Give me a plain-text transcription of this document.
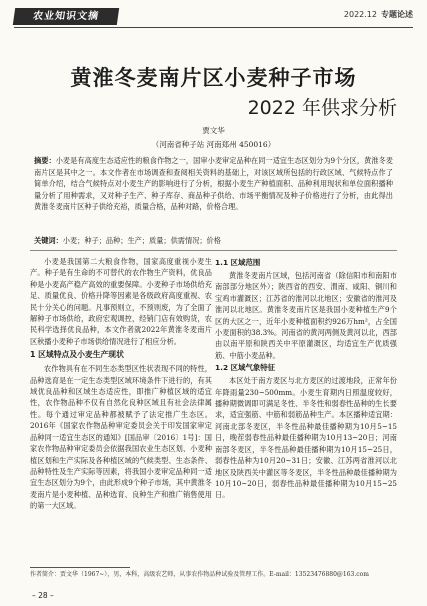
农业知识文摘	2022.12 专题论述
黄淮冬麦南片区小麦种子市场
2022 年供求分析
贾文华
（河南省种子站 河南郑州 450016）
摘要：小麦是有高度生态适应性的粮食作物之一，国审小麦审定品种在同一适宜生态区划分为9个分区，黄淮冬麦南片区是其中之一。本文作者在市场调查和查阅相关资料的基础上，对该区域所包括的行政区域、气候特点作了简单介绍，结合气候特点对小麦生产的影响进行了分析，根据小麦生产种植面积、品种利用现状和单位面积播种量分析了用种需求，又对种子生产、种子库存、商品种子供给、市场平衡情况及种子价格进行了分析，由此得出黄淮冬麦南片区种子供给充裕，质量合格，品种对路，价格合理。
关键词：小麦；种子；品种；生产；质量；供需情况；价格

小麦是我国第二大粮食作物，国家高度重视小麦生产。种子是有生命的不可替代的农作物生产资料，优良品种是小麦高产稳产高效的重要保障。小麦种子市场供给充足、质量优良、价格升降等因素是各级政府高度重视、农民十分关心的问题。凡事预则立，不预则废，为了全面了解种子市场供给，政府宏观调控，经销门店有效购货，农民科学选择优良品种，本文作者就2022年黄淮冬麦南片区秋播小麦种子市场供给情况进行了相应分析。

1 区域特点及小麦生产现状

农作物具有在不同生态类型区性状表现不同的特性，品种选育是在一定生态类型区域环境条件下进行的，有其域优良品种和区域生态适应性，即推广种植区域的适宜性，农作物品种不仅有自然化良种区域且有社会法律属性。每个通过审定品种都被赋予了法定推广生态区。2016年《国家农作物品种审定委员会关于印发国家审定品种同一适宜生态区的通知》[国品审〔2016〕1号]：国家农作物品种审定委员会依据我国农业生态区划、小麦种植区划和生产实际及各种植区域的气候类型、生态条件、品种特性及生产实际等因素，将我国小麦审定品种同一适宜生态区划分为9个，由此形成9个种子市场，其中黄淮冬麦南片是小麦种植、品种选育、良种生产和推广销售使用的第一大区域。

1.1 区域范围

黄淮冬麦南片区域，包括河南省（除信阳市和南阳市南部部分地区外）；陕西省的西安、渭南、咸阳、铜川和宝鸡市灌溉区；江苏省的淮河以北地区；安徽省的淮河及淮河以北地区。黄淮冬麦南片区是我国小麦种植生产9个区的大区之一，近年小麦种植面积约926万hm²，占全国小麦面积的38.3%。河南省的黄河两侧及黄河以北，西部由以南平原和陕西关中平原灌溉区，均适宜生产优质强筋、中筋小麦品种。

1.2 区域气象特征

本区处于南方麦区与北方麦区的过渡地段，正常年份年降雨量230~500mm。小麦生育期内日照温度较好，播种期微调即可满足冬性、半冬性和弱春性品种的生长要求，适宜强筋、中筋和弱筋品种生产。本区播种适宜期：河南北部冬麦区，半冬性品种最佳播种期为10月5~15日，晚茬弱春性品种最佳播种期为10月13~20日；河南南部冬麦区，半冬性品种最佳播种期为10月15~25日，弱春性品种为10月20~31日；安徽、江苏两省淮河以北地区及陕西关中灌区等冬麦区，半冬性品种最佳播种期为10月10~20日，弱春性品种最佳播种期为10月15~25日。

作者简介：贾文华（1967~），男，本科，高级农艺师，从事农作物品种试验及管理工作。E-mail：13523476880@163.com
– 28 –
